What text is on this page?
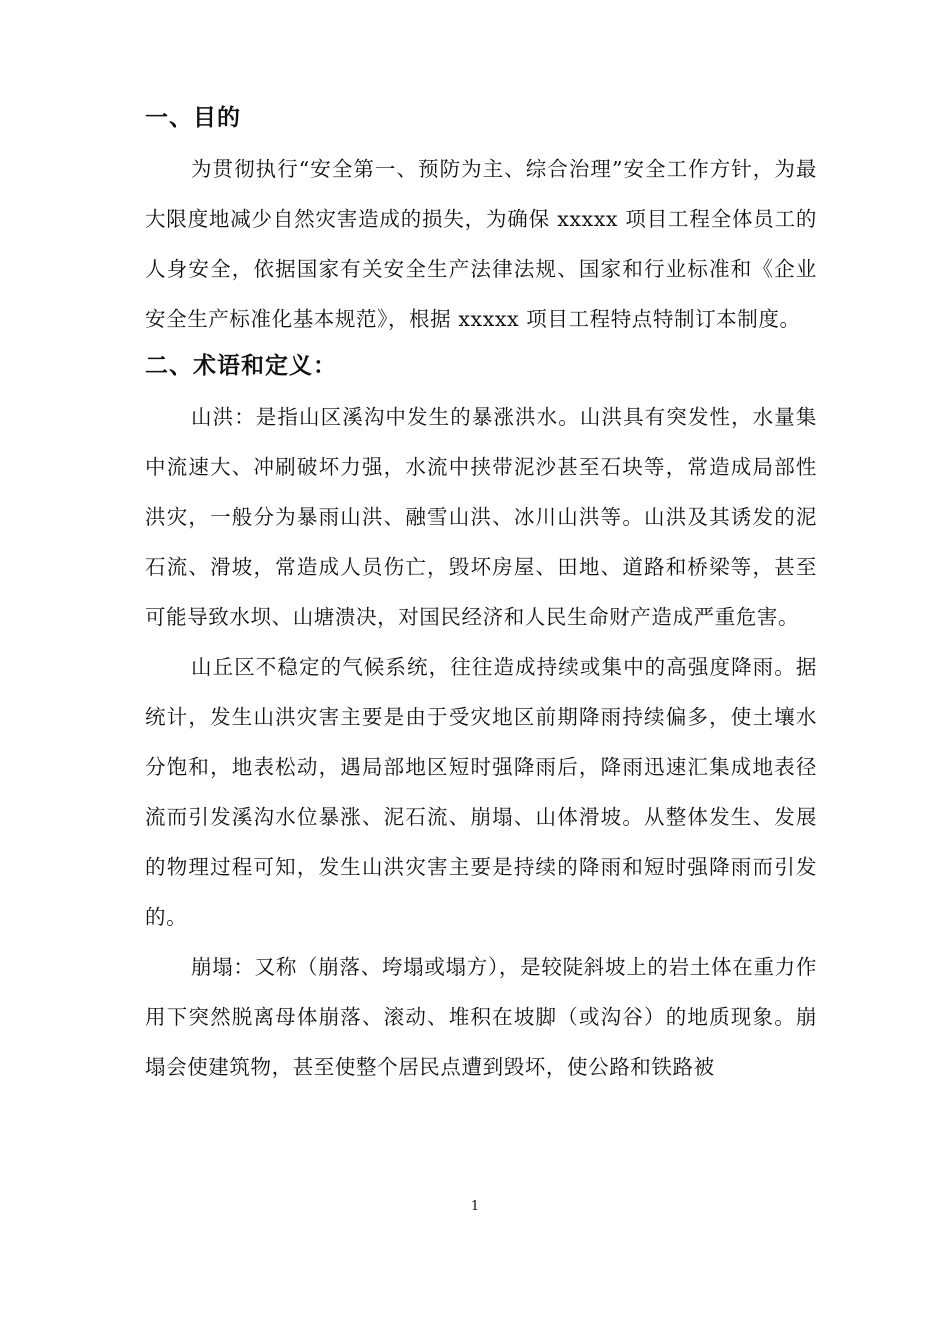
一、目的

为贯彻执行“安全第一、预防为主、综合治理”安全工作方针，为最大限度地减少自然灾害造成的损失，为确保 xxxxx 项目工程全体员工的人身安全，依据国家有关安全生产法律法规、国家和行业标准和《企业安全生产标准化基本规范》，根据 xxxxx 项目工程特点特制订本制度。

二、术语和定义：

山洪：是指山区溪沟中发生的暴涨洪水。山洪具有突发性，水量集中流速大、冲刷破坏力强，水流中挟带泥沙甚至石块等，常造成局部性洪灾，一般分为暴雨山洪、融雪山洪、冰川山洪等。山洪及其诱发的泥石流、滑坡，常造成人员伤亡，毁坏房屋、田地、道路和桥梁等，甚至可能导致水坝、山塘溃决，对国民经济和人民生命财产造成严重危害。

山丘区不稳定的气候系统，往往造成持续或集中的高强度降雨。据统计，发生山洪灾害主要是由于受灾地区前期降雨持续偏多，使土壤水分饱和，地表松动，遇局部地区短时强降雨后，降雨迅速汇集成地表径流而引发溪沟水位暴涨、泥石流、崩塌、山体滑坡。从整体发生、发展的物理过程可知，发生山洪灾害主要是持续的降雨和短时强降雨而引发的。

崩塌：又称（崩落、垮塌或塌方），是较陡斜坡上的岩土体在重力作用下突然脱离母体崩落、滚动、堆积在坡脚（或沟谷）的地质现象。崩塌会使建筑物，甚至使整个居民点遭到毁坏，使公路和铁路被

1
